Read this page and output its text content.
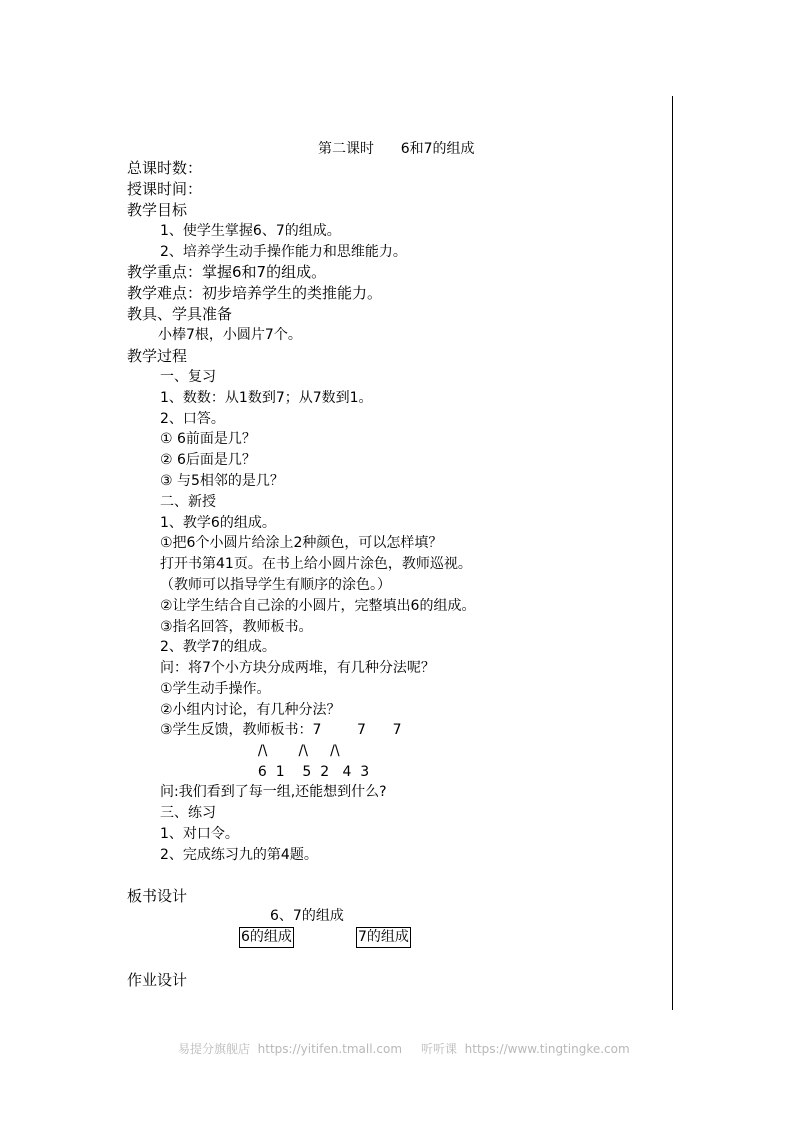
第二课时      6和7的组成
总课时数：
授课时间：
教学目标
1、使学生掌握6、7的组成。
2、培养学生动手操作能力和思维能力。
教学重点：掌握6和7的组成。
教学难点：初步培养学生的类推能力。
教具、学具准备
小棒7根，小圆片7个。
教学过程
一、复习
1、数数：从1数到7；从7数到1。
2、口答。
① 6前面是几？
② 6后面是几？
③ 与5相邻的是几？
二、新授
1、教学6的组成。
①把6个小圆片给涂上2种颜色，可以怎样填？
打开书第41页。在书上给小圆片涂色，教师巡视。
（教师可以指导学生有顺序的涂色。）
②让学生结合自己涂的小圆片，完整填出6的组成。
③指名回答，教师板书。
2、教学7的组成。
问：将7个小方块分成两堆，有几种分法呢？
①学生动手操作。
②小组内讨论，有几种分法？
③学生反馈，教师板书：7        7      7
/\       /\     /\
6  1    5  2   4  3
问:我们看到了每一组,还能想到什么?
三、练习
1、对口令。
2、完成练习九的第4题。
板书设计
6、7的组成
6的组成	7的组成
作业设计
易提分旗舰店  https://yitifen.tmall.com 听听课  https://www.tingtingke.com
